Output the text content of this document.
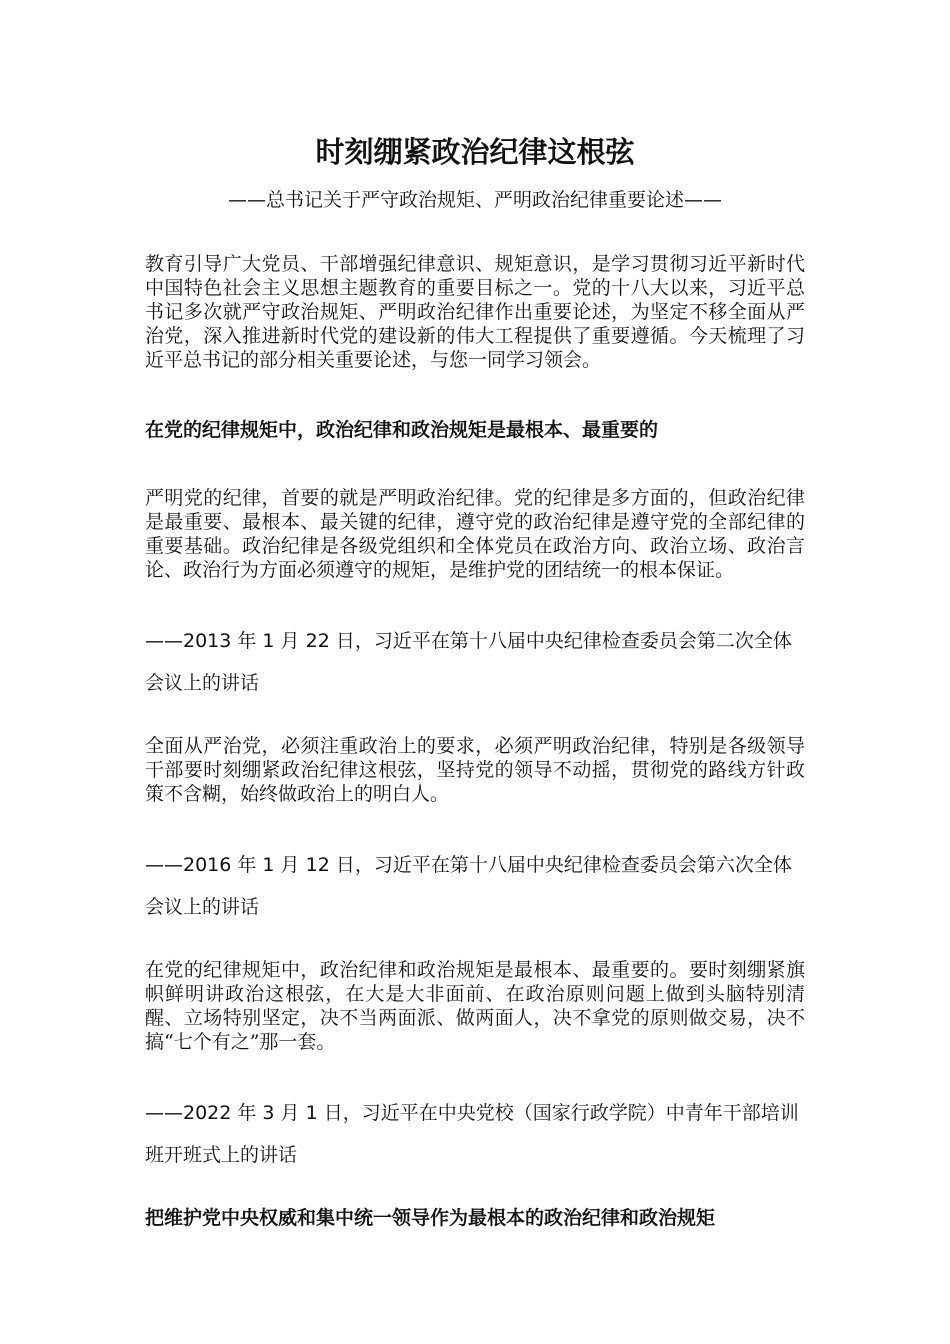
时刻绷紧政治纪律这根弦

——总书记关于严守政治规矩、严明政治纪律重要论述——

教育引导广大党员、干部增强纪律意识、规矩意识，是学习贯彻习近平新时代中国特色社会主义思想主题教育的重要目标之一。党的十八大以来，习近平总书记多次就严守政治规矩、严明政治纪律作出重要论述，为坚定不移全面从严治党，深入推进新时代党的建设新的伟大工程提供了重要遵循。今天梳理了习近平总书记的部分相关重要论述，与您一同学习领会。

在党的纪律规矩中，政治纪律和政治规矩是最根本、最重要的

严明党的纪律，首要的就是严明政治纪律。党的纪律是多方面的，但政治纪律是最重要、最根本、最关键的纪律，遵守党的政治纪律是遵守党的全部纪律的重要基础。政治纪律是各级党组织和全体党员在政治方向、政治立场、政治言论、政治行为方面必须遵守的规矩，是维护党的团结统一的根本保证。

——2013 年 1 月 22 日，习近平在第十八届中央纪律检查委员会第二次全体会议上的讲话

全面从严治党，必须注重政治上的要求，必须严明政治纪律，特别是各级领导干部要时刻绷紧政治纪律这根弦，坚持党的领导不动摇，贯彻党的路线方针政策不含糊，始终做政治上的明白人。

——2016 年 1 月 12 日，习近平在第十八届中央纪律检查委员会第六次全体会议上的讲话

在党的纪律规矩中，政治纪律和政治规矩是最根本、最重要的。要时刻绷紧旗帜鲜明讲政治这根弦，在大是大非面前、在政治原则问题上做到头脑特别清醒、立场特别坚定，决不当两面派、做两面人，决不拿党的原则做交易，决不搞“七个有之”那一套。

——2022 年 3 月 1 日，习近平在中央党校（国家行政学院）中青年干部培训班开班式上的讲话

把维护党中央权威和集中统一领导作为最根本的政治纪律和政治规矩
